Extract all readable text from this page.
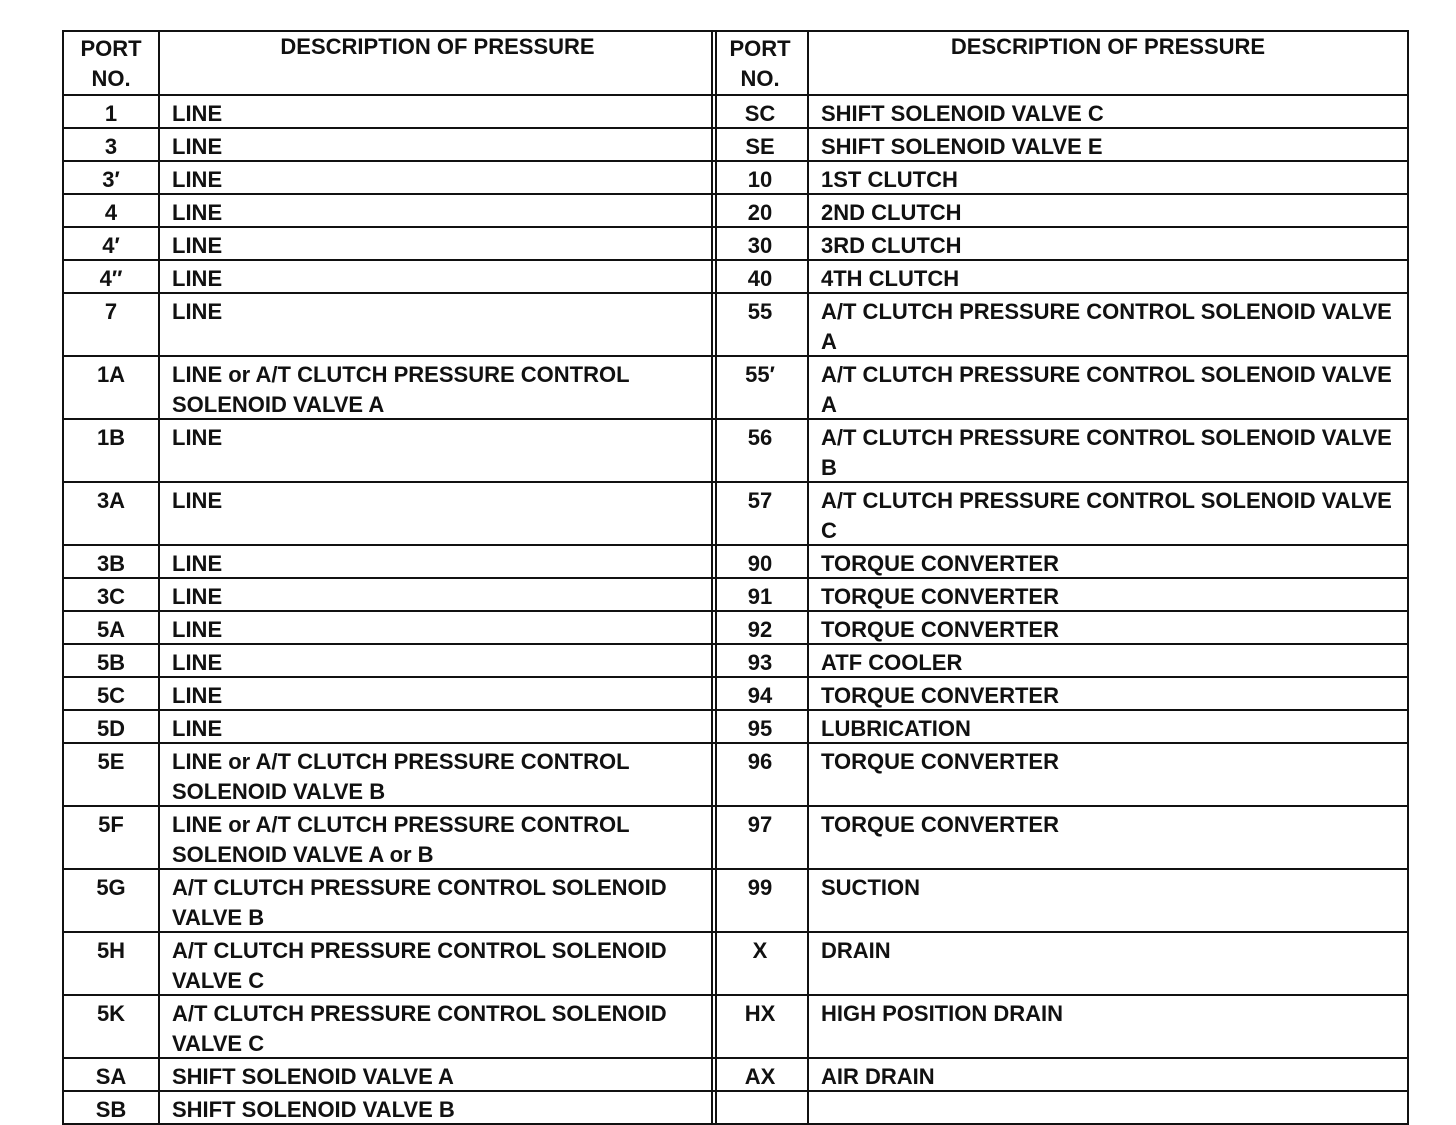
PORT NO.
DESCRIPTION OF PRESSURE
1	LINE
3	LINE
3′	LINE
4	LINE
4′	LINE
4″	LINE
7	LINE
1A	LINE or A/T CLUTCH PRESSURE CONTROL SOLENOID VALVE A
1B	LINE
3A	LINE
3B	LINE
3C	LINE
5A	LINE
5B	LINE
5C	LINE
5D	LINE
5E	LINE or A/T CLUTCH PRESSURE CONTROL SOLENOID VALVE B
5F	LINE or A/T CLUTCH PRESSURE CONTROL SOLENOID VALVE A or B
5G	A/T CLUTCH PRESSURE CONTROL SOLENOID VALVE B
5H	A/T CLUTCH PRESSURE CONTROL SOLENOID VALVE C
5K	A/T CLUTCH PRESSURE CONTROL SOLENOID VALVE C
SA	SHIFT SOLENOID VALVE A
SB	SHIFT SOLENOID VALVE B
PORT NO.
DESCRIPTION OF PRESSURE
SC	SHIFT SOLENOID VALVE C
SE	SHIFT SOLENOID VALVE E
10	1ST CLUTCH
20	2ND CLUTCH
30	3RD CLUTCH
40	4TH CLUTCH
55	A/T CLUTCH PRESSURE CONTROL SOLENOID VALVE A
55′	A/T CLUTCH PRESSURE CONTROL SOLENOID VALVE A
56	A/T CLUTCH PRESSURE CONTROL SOLENOID VALVE B
57	A/T CLUTCH PRESSURE CONTROL SOLENOID VALVE C
90	TORQUE CONVERTER
91	TORQUE CONVERTER
92	TORQUE CONVERTER
93	ATF COOLER
94	TORQUE CONVERTER
95	LUBRICATION
96	TORQUE CONVERTER
97	TORQUE CONVERTER
99	SUCTION
X	DRAIN
HX	HIGH POSITION DRAIN
AX	AIR DRAIN
